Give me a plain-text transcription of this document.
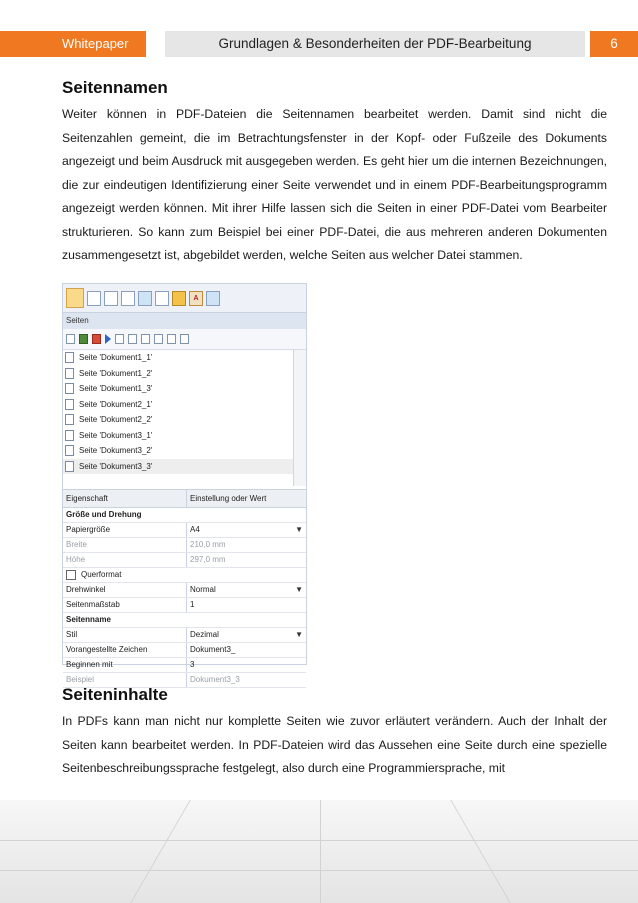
Whitepaper	Grundlagen & Besonderheiten der PDF-Bearbeitung	6
Seitennamen

Weiter können in PDF-Dateien die Seitennamen bearbeitet werden. Damit sind nicht die Seitenzahlen gemeint, die im Betrachtungsfenster in der Kopf- oder Fußzeile des Dokuments angezeigt und beim Ausdruck mit ausgegeben werden. Es geht hier um die internen Bezeichnungen, die zur eindeutigen Identifizierung einer Seite verwendet und in einem PDF-Bearbeitungsprogramm angezeigt werden können. Mit ihrer Hilfe lassen sich die Seiten in einer PDF-Datei vom Bearbeiter strukturieren. So kann zum Beispiel bei einer PDF-Datei, die aus mehreren anderen Dokumenten zusammengesetzt ist, abgebildet werden, welche Seiten aus welcher Datei stammen.

A
Seiten
Seite 'Dokument1_1'
Seite 'Dokument1_2'
Seite 'Dokument1_3'
Seite 'Dokument2_1'
Seite 'Dokument2_2'
Seite 'Dokument3_1'
Seite 'Dokument3_2'
Seite 'Dokument3_3'
Eigenschaft	Einstellung oder Wert
Größe und Drehung
Papiergröße	A4	▼
Breite	210,0 mm
Höhe	297,0 mm
Querformat
Drehwinkel	Normal	▼
Seitenmaßstab	1
Seitenname
Stil	Dezimal	▼
Vorangestellte Zeichen	Dokument3_
Beginnen mit	3
Beispiel	Dokument3_3
Seiteninhalte

In PDFs kann man nicht nur komplette Seiten wie zuvor erläutert verändern. Auch der Inhalt der Seiten kann bearbeitet werden. In PDF-Dateien wird das Aussehen eine Seite durch eine spezielle Seitenbeschreibungssprache festgelegt, also durch eine Programmiersprache, mit
